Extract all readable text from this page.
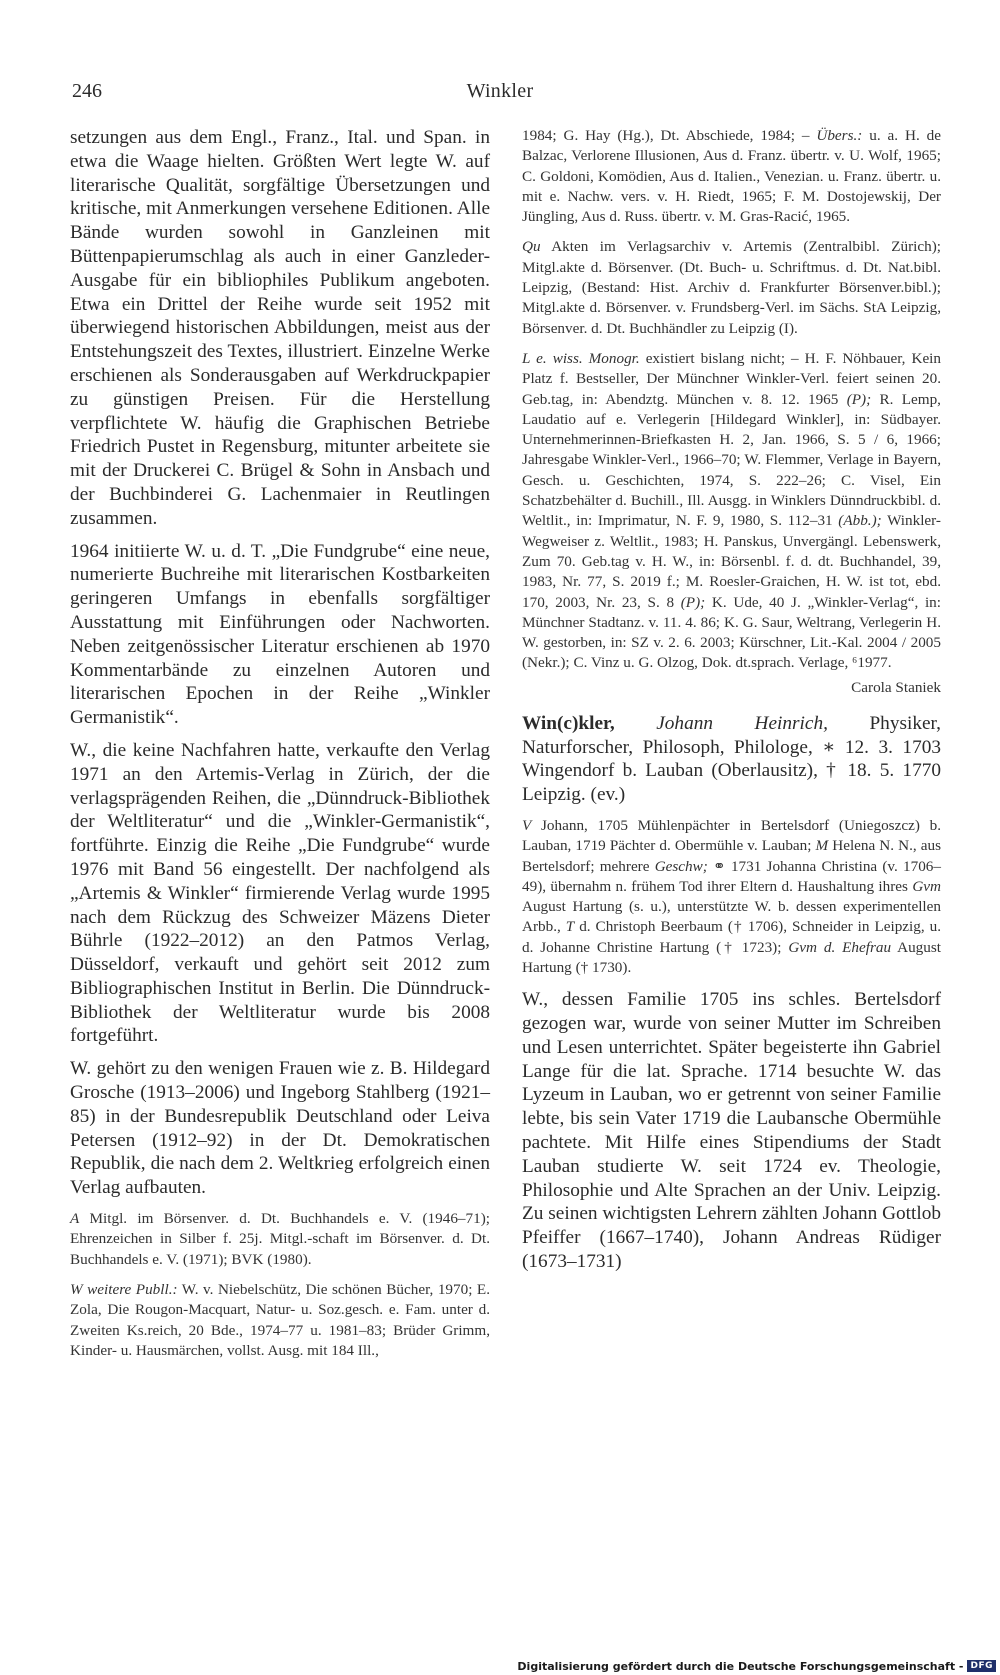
246	Winkler

setzungen aus dem Engl., Franz., Ital. und Span. in etwa die Waage hielten. Größten Wert legte W. auf literarische Qualität, sorgfältige Übersetzungen und kritische, mit Anmerkungen versehene Editionen. Alle Bände wurden sowohl in Ganzleinen mit Büttenpapierumschlag als auch in einer Ganzleder-Ausgabe für ein bibliophiles Publikum angeboten. Etwa ein Drittel der Reihe wurde seit 1952 mit überwiegend historischen Abbildungen, meist aus der Entstehungszeit des Textes, illustriert. Einzelne Werke erschienen als Sonderausgaben auf Werkdruckpapier zu günstigen Preisen. Für die Herstellung verpflichtete W. häufig die Graphischen Betriebe Friedrich Pustet in Regensburg, mitunter arbeitete sie mit der Druckerei C. Brügel & Sohn in Ansbach und der Buchbinderei G. Lachenmaier in Reutlingen zusammen.

1964 initiierte W. u. d. T. „Die Fundgrube“ eine neue, numerierte Buchreihe mit literarischen Kostbarkeiten geringeren Umfangs in ebenfalls sorgfältiger Ausstattung mit Einführungen oder Nachworten. Neben zeitgenössischer Literatur erschienen ab 1970 Kommentarbände zu einzelnen Autoren und literarischen Epochen in der Reihe „Winkler Germanistik“.

W., die keine Nachfahren hatte, verkaufte den Verlag 1971 an den Artemis-Verlag in Zürich, der die verlagsprägenden Reihen, die „Dünndruck-Bibliothek der Weltliteratur“ und die „Winkler-Germanistik“, fortführte. Einzig die Reihe „Die Fundgrube“ wurde 1976 mit Band 56 eingestellt. Der nachfolgend als „Artemis & Winkler“ firmierende Verlag wurde 1995 nach dem Rückzug des Schweizer Mäzens Dieter Bührle (1922–2012) an den Patmos Verlag, Düsseldorf, verkauft und gehört seit 2012 zum Bibliographischen Institut in Berlin. Die Dünndruck-Bibliothek der Weltliteratur wurde bis 2008 fortgeführt.

W. gehört zu den wenigen Frauen wie z. B. Hildegard Grosche (1913–2006) und Ingeborg Stahlberg (1921–85) in der Bundesrepublik Deutschland oder Leiva Petersen (1912–92) in der Dt. Demokratischen Republik, die nach dem 2. Weltkrieg erfolgreich einen Verlag aufbauten.

A Mitgl. im Börsenver. d. Dt. Buchhandels e. V. (1946–71); Ehrenzeichen in Silber f. 25j. Mitgl.-schaft im Börsenver. d. Dt. Buchhandels e. V. (1971); BVK (1980).

W weitere Publl.: W. v. Niebelschütz, Die schönen Bücher, 1970; E. Zola, Die Rougon-Macquart, Natur- u. Soz.gesch. e. Fam. unter d. Zweiten Ks.reich, 20 Bde., 1974–77 u. 1981–83; Brüder Grimm, Kinder- u. Hausmärchen, vollst. Ausg. mit 184 Ill.,

1984; G. Hay (Hg.), Dt. Abschiede, 1984; – Übers.: u. a. H. de Balzac, Verlorene Illusionen, Aus d. Franz. übertr. v. U. Wolf, 1965; C. Goldoni, Komödien, Aus d. Italien., Venezian. u. Franz. übertr. u. mit e. Nachw. vers. v. H. Riedt, 1965; F. M. Dostojewskij, Der Jüngling, Aus d. Russ. übertr. v. M. Gras-Racić, 1965.

Qu Akten im Verlagsarchiv v. Artemis (Zentralbibl. Zürich); Mitgl.akte d. Börsenver. (Dt. Buch- u. Schriftmus. d. Dt. Nat.bibl. Leipzig, (Bestand: Hist. Archiv d. Frankfurter Börsenver.bibl.); Mitgl.akte d. Börsenver. v. Frundsberg-Verl. im Sächs. StA Leipzig, Börsenver. d. Dt. Buchhändler zu Leipzig (I).

L e. wiss. Monogr. existiert bislang nicht; – H. F. Nöhbauer, Kein Platz f. Bestseller, Der Münchner Winkler-Verl. feiert seinen 20. Geb.tag, in: Abendztg. München v. 8. 12. 1965 (P); R. Lemp, Laudatio auf e. Verlegerin [Hildegard Winkler], in: Südbayer. Unternehmerinnen-Briefkasten H. 2, Jan. 1966, S. 5 / 6, 1966; Jahresgabe Winkler-Verl., 1966–70; W. Flemmer, Verlage in Bayern, Gesch. u. Geschichten, 1974, S. 222–26; C. Visel, Ein Schatzbehälter d. Buchill., Ill. Ausgg. in Winklers Dünndruckbibl. d. Weltlit., in: Imprimatur, N. F. 9, 1980, S. 112–31 (Abb.); Winkler-Wegweiser z. Weltlit., 1983; H. Panskus, Unvergängl. Lebenswerk, Zum 70. Geb.tag v. H. W., in: Börsenbl. f. d. dt. Buchhandel, 39, 1983, Nr. 77, S. 2019 f.; M. Roesler-Graichen, H. W. ist tot, ebd. 170, 2003, Nr. 23, S. 8 (P); K. Ude, 40 J. „Winkler-Verlag“, in: Münchner Stadtanz. v. 11. 4. 86; K. G. Saur, Weltrang, Verlegerin H. W. gestorben, in: SZ v. 2. 6. 2003; Kürschner, Lit.-Kal. 2004 / 2005 (Nekr.); C. Vinz u. G. Olzog, Dok. dt.sprach. Verlage, ⁶1977.

Carola Staniek

Win(c)kler, Johann Heinrich, Physiker, Naturforscher, Philosoph, Philologe, ∗ 12. 3. 1703 Wingendorf b. Lauban (Oberlausitz), † 18. 5. 1770 Leipzig. (ev.)

V Johann, 1705 Mühlenpächter in Bertelsdorf (Uniegoszcz) b. Lauban, 1719 Pächter d. Obermühle v. Lauban; M Helena N. N., aus Bertelsdorf; mehrere Geschw; ⚭ 1731 Johanna Christina (v. 1706–49), übernahm n. frühem Tod ihrer Eltern d. Haushaltung ihres Gvm August Hartung (s. u.), unterstützte W. b. dessen experimentellen Arbb., T d. Christoph Beerbaum († 1706), Schneider in Leipzig, u. d. Johanne Christine Hartung († 1723); Gvm d. Ehefrau August Hartung († 1730).

W., dessen Familie 1705 ins schles. Bertelsdorf gezogen war, wurde von seiner Mutter im Schreiben und Lesen unterrichtet. Später begeisterte ihn Gabriel Lange für die lat. Sprache. 1714 besuchte W. das Lyzeum in Lauban, wo er getrennt von seiner Familie lebte, bis sein Vater 1719 die Laubansche Obermühle pachtete. Mit Hilfe eines Stipendiums der Stadt Lauban studierte W. seit 1724 ev. Theologie, Philosophie und Alte Sprachen an der Univ. Leipzig. Zu seinen wichtigsten Lehrern zählten Johann Gottlob Pfeiffer (1667–1740), Johann Andreas Rüdiger (1673–1731)

Digitalisierung gefördert durch die Deutsche Forschungsgemeinschaft - DFG
